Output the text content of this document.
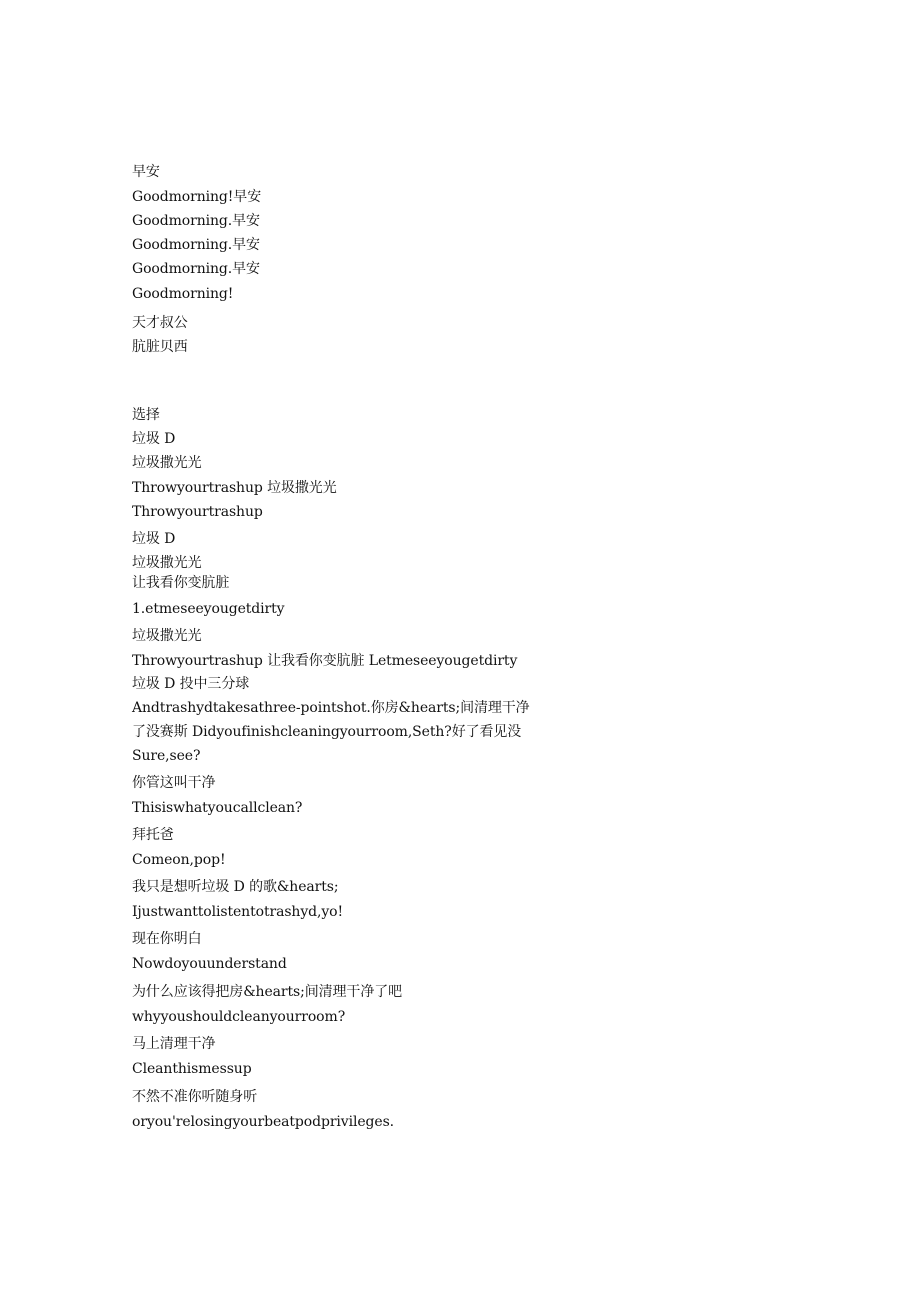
早安
Goodmorning!早安
Goodmorning.早安
Goodmorning.早安
Goodmorning.早安
Goodmorning!
天才叔公
肮脏贝西
选择
垃圾 D
垃圾撒光光
Throwyourtrashup 垃圾撒光光
Throwyourtrashup
垃圾 D
垃圾撒光光
让我看你变肮脏
1.etmeseeyougetdirty
垃圾撒光光
Throwyourtrashup 让我看你变肮脏 Letmeseeyougetdirty
垃圾 D 投中三分球
Andtrashydtakesathree-pointshot.你房&hearts;间清理干净
了没赛斯 Didyoufinishcleaningyourroom,Seth?好了看见没
Sure,see?
你管这叫干净
Thisiswhatyoucallclean?
拜托爸
Comeon,pop!
我只是想听垃圾 D 的歌&hearts;
Ijustwanttolistentotrashyd,yo!
现在你明白
Nowdoyouunderstand
为什么应该得把房&hearts;间清理干净了吧
whyyoushouldcleanyourroom?
马上清理干净
Cleanthismessup
不然不准你听随身听
oryou'relosingyourbeatpodprivileges.
